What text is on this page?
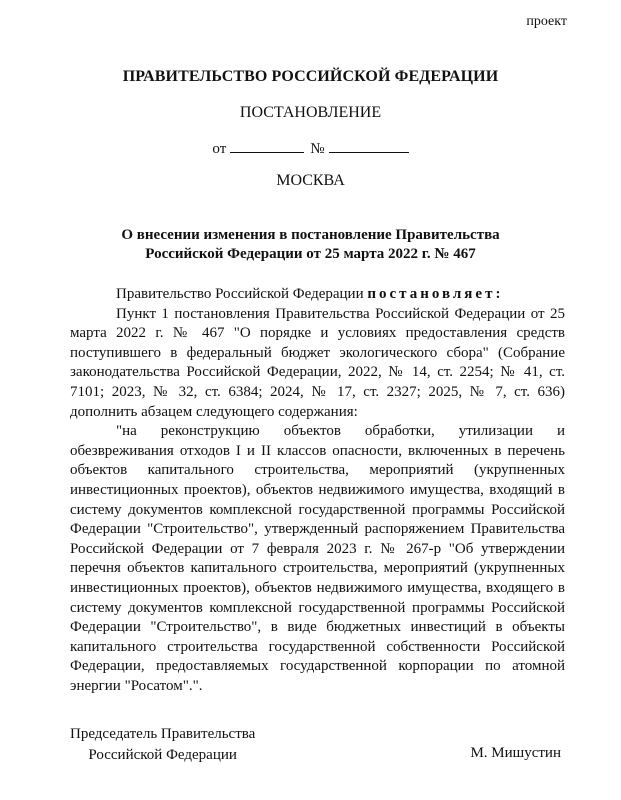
проект
ПРАВИТЕЛЬСТВО РОССИЙСКОЙ ФЕДЕРАЦИИ
ПОСТАНОВЛЕНИЕ
от	№
МОСКВА
О внесении изменения в постановление Правительства
Российской Федерации от 25 марта 2022 г. № 467

Правительство Российской Федерации постановляет:

Пункт 1 постановления Правительства Российской Федерации от 25 марта 2022 г. № 467 "О порядке и условиях предоставления средств поступившего в федеральный бюджет экологического сбора" (Собрание законодательства Российской Федерации, 2022, № 14, ст. 2254; № 41, ст. 7101; 2023, № 32, ст. 6384; 2024, № 17, ст. 2327; 2025, № 7, ст. 636) дополнить абзацем следующего содержания:

"на реконструкцию объектов обработки, утилизации и обезвреживания отходов I и II классов опасности, включенных в перечень объектов капитального строительства, мероприятий (укрупненных инвестиционных проектов), объектов недвижимого имущества, входящий в систему документов комплексной государственной программы Российской Федерации "Строительство", утвержденный распоряжением Правительства Российской Федерации от 7 февраля 2023 г. № 267-р "Об утверждении перечня объектов капитального строительства, мероприятий (укрупненных инвестиционных проектов), объектов недвижимого имущества, входящего в систему документов комплексной государственной программы Российской Федерации "Строительство", в виде бюджетных инвестиций в объекты капитального строительства государственной собственности Российской Федерации, предоставляемых государственной корпорации по атомной энергии "Росатом".".

Председатель Правительства
Российской Федерации	М. Мишустин
